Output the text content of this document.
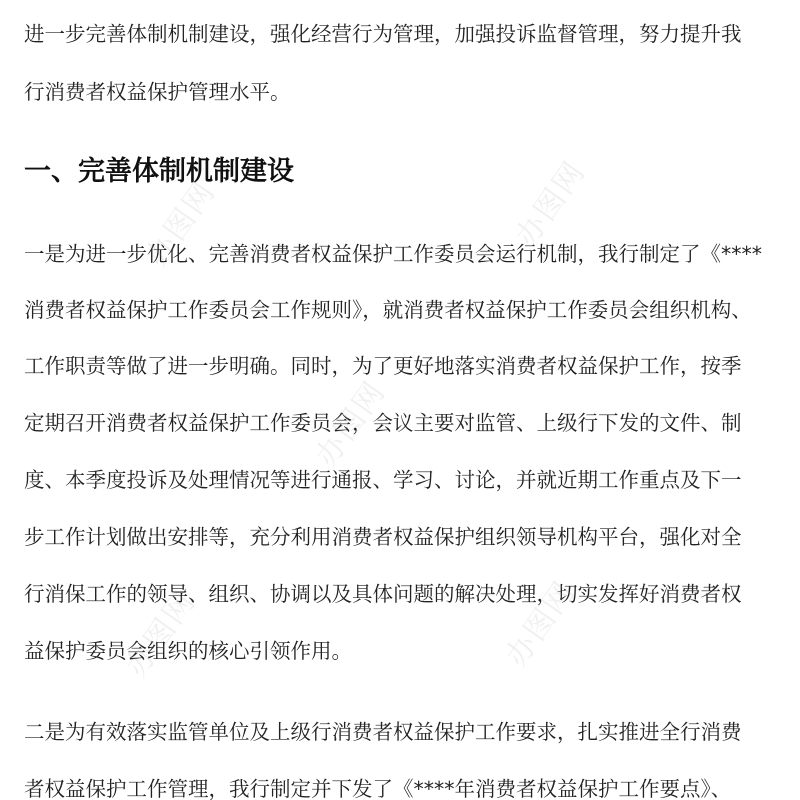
进一步完善体制机制建设，强化经营行为管理，加强投诉监督管理，努力提升我
行消费者权益保护管理水平。
一、完善体制机制建设
一是为进一步优化、完善消费者权益保护工作委员会运行机制，我行制定了《****
消费者权益保护工作委员会工作规则》，就消费者权益保护工作委员会组织机构、
工作职责等做了进一步明确。同时，为了更好地落实消费者权益保护工作，按季
定期召开消费者权益保护工作委员会，会议主要对监管、上级行下发的文件、制
度、本季度投诉及处理情况等进行通报、学习、讨论，并就近期工作重点及下一
步工作计划做出安排等，充分利用消费者权益保护组织领导机构平台，强化对全
行消保工作的领导、组织、协调以及具体问题的解决处理，切实发挥好消费者权
益保护委员会组织的核心引领作用。
二是为有效落实监管单位及上级行消费者权益保护工作要求，扎实推进全行消费
者权益保护工作管理，我行制定并下发了《****年消费者权益保护工作要点》、
办图网	办图网
办图网
办图网	办图网
